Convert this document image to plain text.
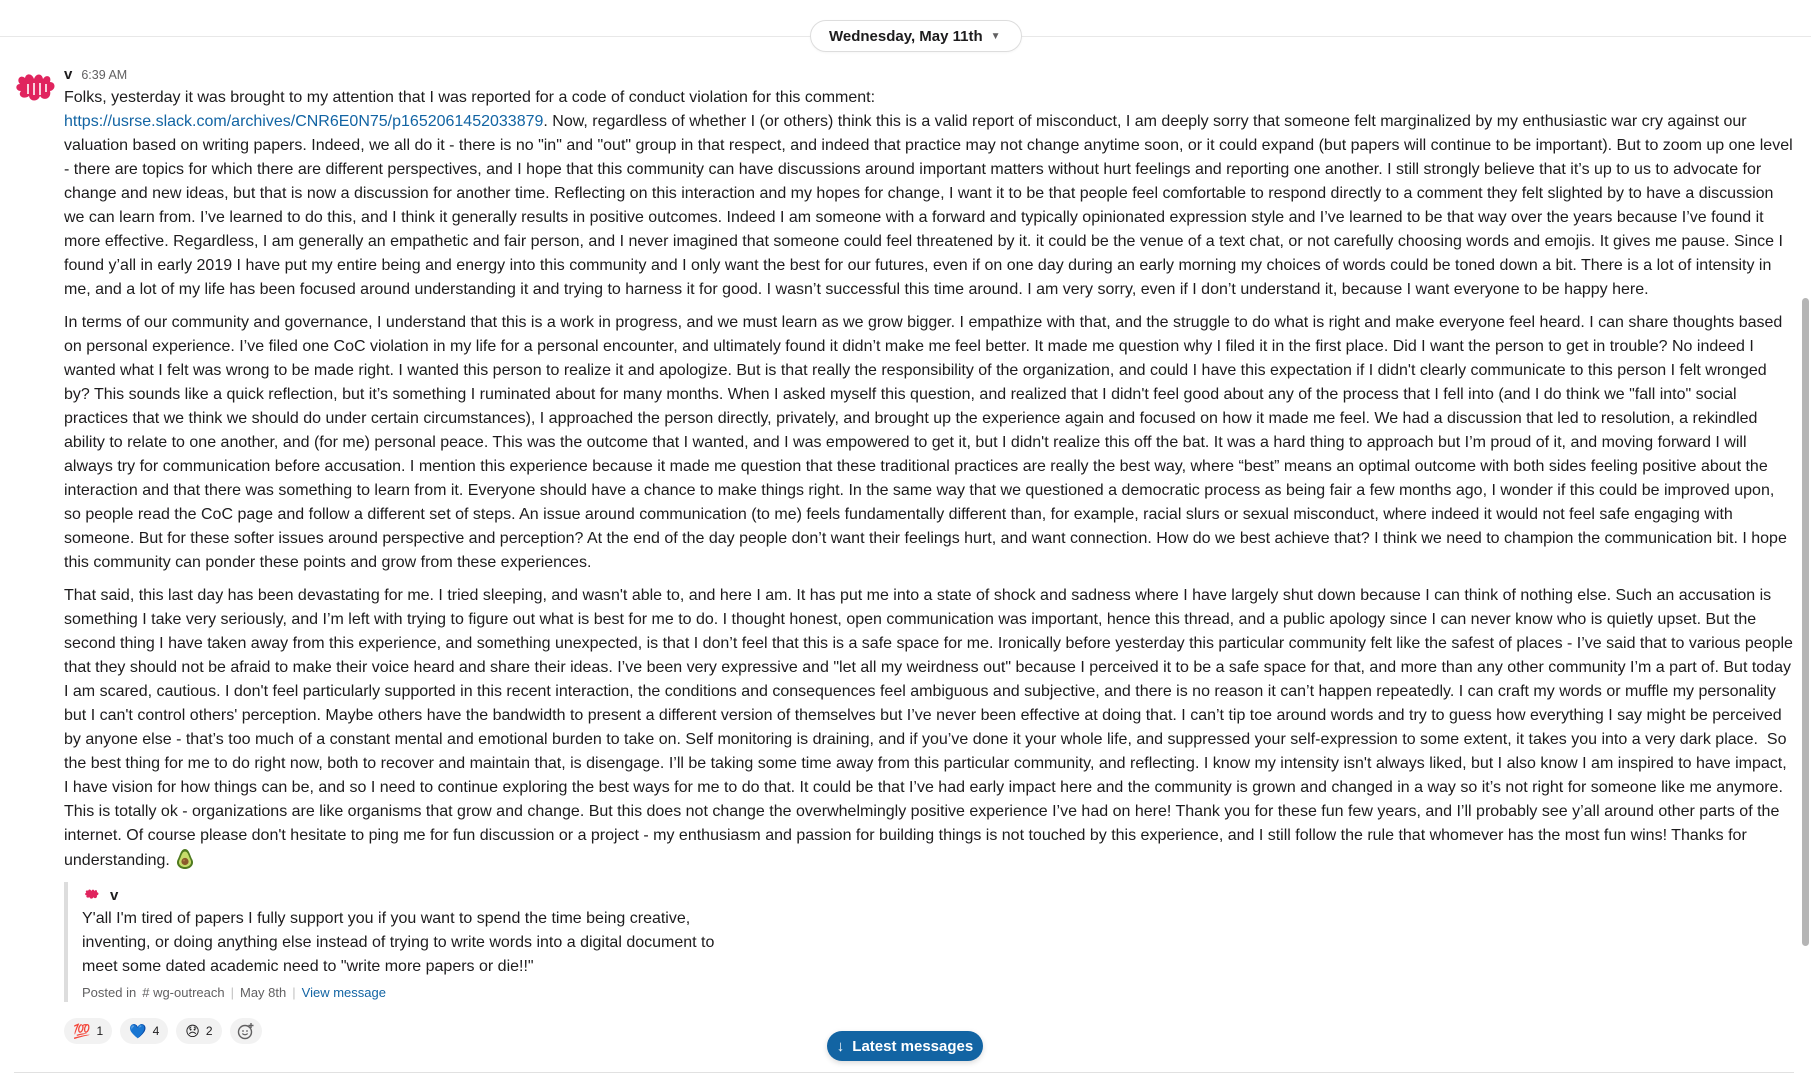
Wednesday, May 11th ▼
v 6:39 AM

Folks, yesterday it was brought to my attention that I was reported for a code of conduct violation for this comment:
https://usrse.slack.com/archives/CNR6E0N75/p1652061452033879. Now, regardless of whether I (or others) think this is a valid report of misconduct, I am deeply sorry that someone felt marginalized by my enthusiastic war cry against our valuation based on writing papers. Indeed, we all do it - there is no "in" and "out" group in that respect, and indeed that practice may not change anytime soon, or it could expand (but papers will continue to be important). But to zoom up one level - there are topics for which there are different perspectives, and I hope that this community can have discussions around important matters without hurt feelings and reporting one another. I still strongly believe that it’s up to us to advocate for change and new ideas, but that is now a discussion for another time. Reflecting on this interaction and my hopes for change, I want it to be that people feel comfortable to respond directly to a comment they felt slighted by to have a discussion we can learn from. I’ve learned to do this, and I think it generally results in positive outcomes. Indeed I am someone with a forward and typically opinionated expression style and I’ve learned to be that way over the years because I’ve found it more effective. Regardless, I am generally an empathetic and fair person, and I never imagined that someone could feel threatened by it. it could be the venue of a text chat, or not carefully choosing words and emojis. It gives me pause. Since I found y’all in early 2019 I have put my entire being and energy into this community and I only want the best for our futures, even if on one day during an early morning my choices of words could be toned down a bit. There is a lot of intensity in me, and a lot of my life has been focused around understanding it and trying to harness it for good. I wasn’t successful this time around. I am very sorry, even if I don’t understand it, because I want everyone to be happy here.

In terms of our community and governance, I understand that this is a work in progress, and we must learn as we grow bigger. I empathize with that, and the struggle to do what is right and make everyone feel heard. I can share thoughts based on personal experience. I’ve filed one CoC violation in my life for a personal encounter, and ultimately found it didn’t make me feel better. It made me question why I filed it in the first place. Did I want the person to get in trouble? No indeed I wanted what I felt was wrong to be made right. I wanted this person to realize it and apologize. But is that really the responsibility of the organization, and could I have this expectation if I didn't clearly communicate to this person I felt wronged by? This sounds like a quick reflection, but it’s something I ruminated about for many months. When I asked myself this question, and realized that I didn't feel good about any of the process that I fell into (and I do think we "fall into" social practices that we think we should do under certain circumstances), I approached the person directly, privately, and brought up the experience again and focused on how it made me feel. We had a discussion that led to resolution, a rekindled ability to relate to one another, and (for me) personal peace. This was the outcome that I wanted, and I was empowered to get it, but I didn't realize this off the bat. It was a hard thing to approach but I’m proud of it, and moving forward I will always try for communication before accusation. I mention this experience because it made me question that these traditional practices are really the best way, where “best” means an optimal outcome with both sides feeling positive about the interaction and that there was something to learn from it. Everyone should have a chance to make things right. In the same way that we questioned a democratic process as being fair a few months ago, I wonder if this could be improved upon, so people read the CoC page and follow a different set of steps. An issue around communication (to me) feels fundamentally different than, for example, racial slurs or sexual misconduct, where indeed it would not feel safe engaging with someone. But for these softer issues around perspective and perception? At the end of the day people don’t want their feelings hurt, and want connection. How do we best achieve that? I think we need to champion the communication bit. I hope this community can ponder these points and grow from these experiences.

That said, this last day has been devastating for me. I tried sleeping, and wasn't able to, and here I am. It has put me into a state of shock and sadness where I have largely shut down because I can think of nothing else. Such an accusation is something I take very seriously, and I’m left with trying to figure out what is best for me to do. I thought honest, open communication was important, hence this thread, and a public apology since I can never know who is quietly upset. But the second thing I have taken away from this experience, and something unexpected, is that I don’t feel that this is a safe space for me. Ironically before yesterday this particular community felt like the safest of places - I’ve said that to various people that they should not be afraid to make their voice heard and share their ideas. I’ve been very expressive and "let all my weirdness out" because I perceived it to be a safe space for that, and more than any other community I’m a part of. But today I am scared, cautious. I don't feel particularly supported in this recent interaction, the conditions and consequences feel ambiguous and subjective, and there is no reason it can’t happen repeatedly. I can craft my words or muffle my personality but I can't control others' perception. Maybe others have the bandwidth to present a different version of themselves but I’ve never been effective at doing that. I can’t tip toe around words and try to guess how everything I say might be perceived by anyone else - that’s too much of a constant mental and emotional burden to take on. Self monitoring is draining, and if you’ve done it your whole life, and suppressed your self-expression to some extent, it takes you into a very dark place.  So the best thing for me to do right now, both to recover and maintain that, is disengage. I’ll be taking some time away from this particular community, and reflecting. I know my intensity isn't always liked, but I also know I am inspired to have impact, I have vision for how things can be, and so I need to continue exploring the best ways for me to do that. It could be that I’ve had early impact here and the community is grown and changed in a way so it’s not right for someone like me anymore. This is totally ok - organizations are like organisms that grow and change. But this does not change the overwhelmingly positive experience I’ve had on here! Thank you for these fun few years, and I’ll probably see y’all around other parts of the internet. Of course please don't hesitate to ping me for fun discussion or a project - my enthusiasm and passion for building things is not touched by this experience, and I still follow the rule that whomever has the most fun wins! Thanks for understanding.

v
Y'all I'm tired of papers I fully support you if you want to spend the time being creative, inventing, or doing anything else instead of trying to write words into a digital document to meet some dated academic need to "write more papers or die!!"
Posted in # wg-outreach | May 8th | View message
💯 1 💙 4 😞 2
↓ Latest messages
